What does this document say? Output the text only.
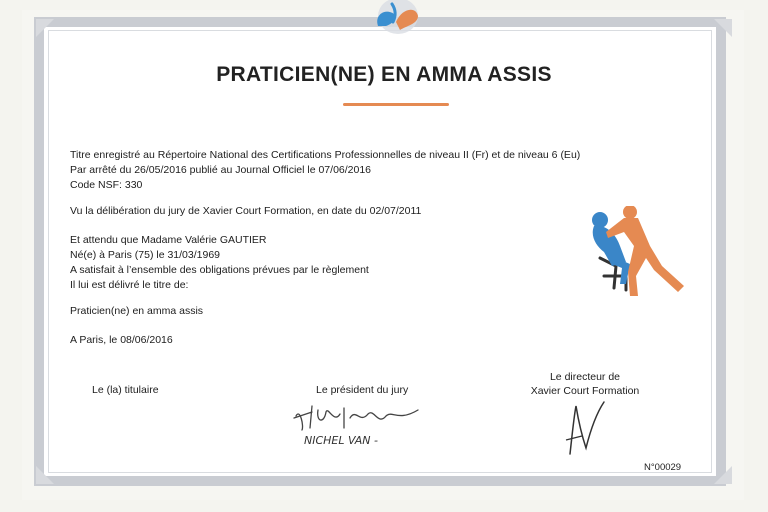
PRATICIEN(NE) EN AMMA ASSIS
Titre enregistré au Répertoire National des Certifications Professionnelles de niveau II (Fr) et de niveau 6 (Eu)
Par arrêté du 26/05/2016 publié au Journal Officiel le 07/06/2016
Code NSF: 330
Vu la délibération du jury de Xavier Court Formation, en date du 02/07/2011
Et attendu que Madame Valérie GAUTIER
Né(e) à Paris (75) le 31/03/1969
A satisfait à l’ensemble des obligations prévues par le règlement
Il lui est délivré le titre de:
Praticien(ne) en amma assis
A Paris, le 08/06/2016
Le (la) titulaire	Le président du jury
Le directeur de
Xavier Court Formation
NICHEL VAN -
N°00029
